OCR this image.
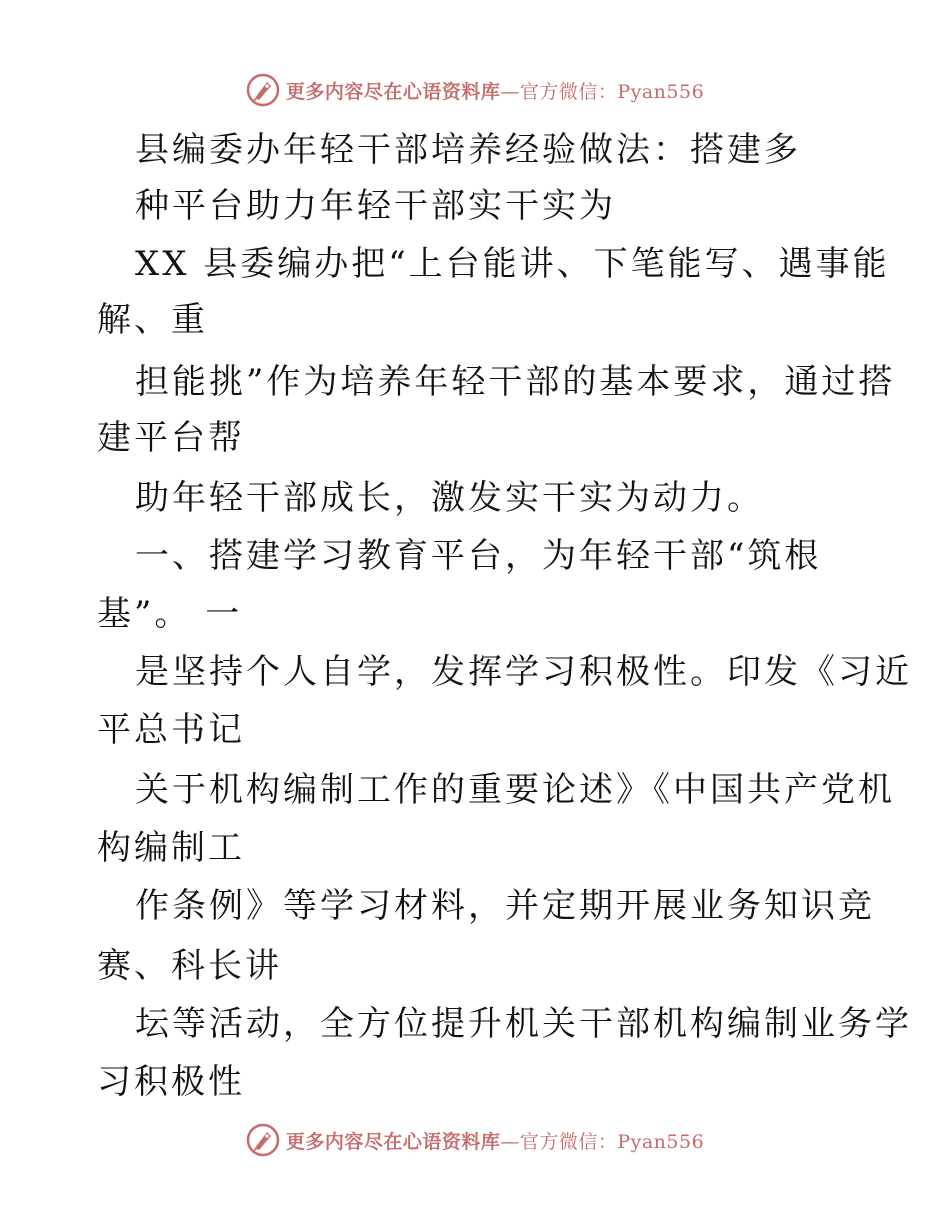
更多内容尽在心语资料库—官方微信：Pyan556
县编委办年轻干部培养经验做法：搭建多
种平台助力年轻干部实干实为
XX 县委编办把“上台能讲、下笔能写、遇事能
解、重
担能挑”作为培养年轻干部的基本要求，通过搭
建平台帮
助年轻干部成长，激发实干实为动力。
一、搭建学习教育平台，为年轻干部“筑根
基”。 一
是坚持个人自学，发挥学习积极性。印发《习近
平总书记
关于机构编制工作的重要论述》《中国共产党机
构编制工
作条例》等学习材料，并定期开展业务知识竞
赛、科长讲
坛等活动，全方位提升机关干部机构编制业务学
习积极性
更多内容尽在心语资料库—官方微信：Pyan556
